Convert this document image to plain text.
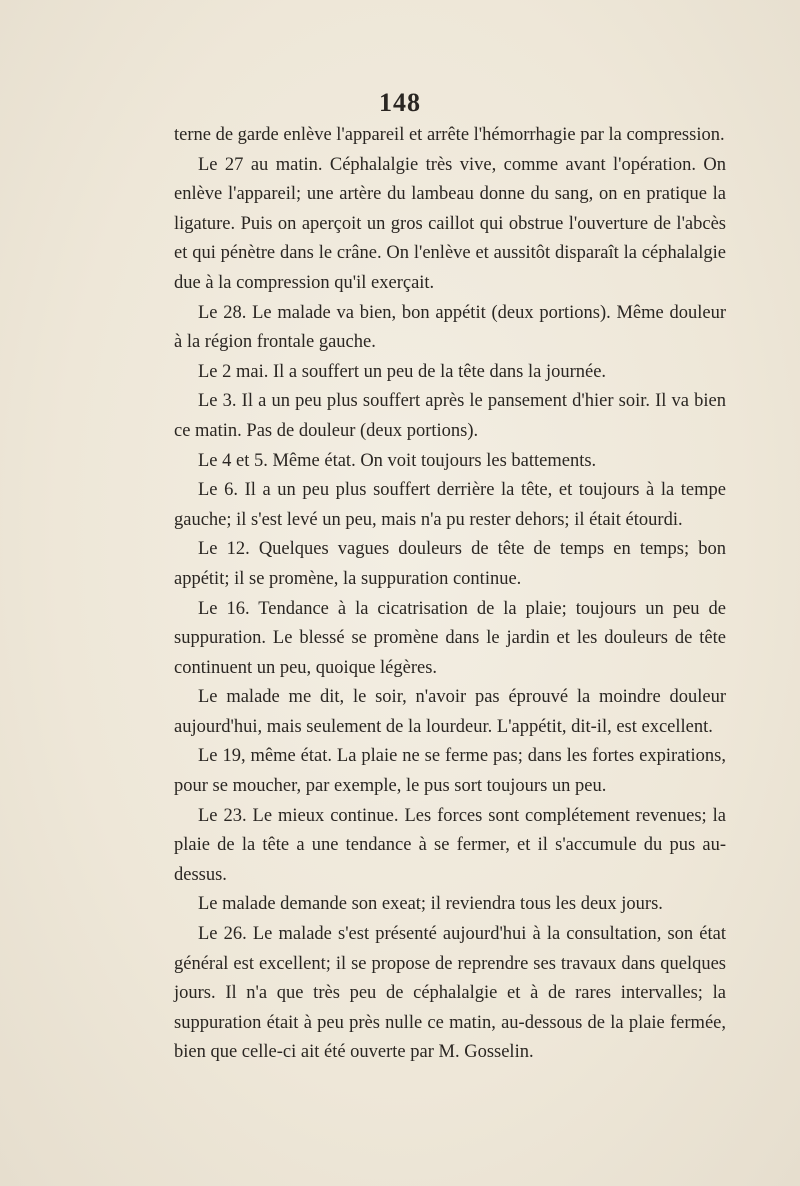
148

terne de garde enlève l'appareil et arrête l'hémorrhagie par la compression.

Le 27 au matin. Céphalalgie très vive, comme avant l'opération. On enlève l'appareil; une artère du lambeau donne du sang, on en pratique la ligature. Puis on aperçoit un gros caillot qui obstrue l'ouverture de l'abcès et qui pénètre dans le crâne. On l'enlève et aussitôt disparaît la céphalalgie due à la compression qu'il exerçait.

Le 28. Le malade va bien, bon appétit (deux portions). Même douleur à la région frontale gauche.

Le 2 mai. Il a souffert un peu de la tête dans la journée.

Le 3. Il a un peu plus souffert après le pansement d'hier soir. Il va bien ce matin. Pas de douleur (deux portions).

Le 4 et 5. Même état. On voit toujours les battements.

Le 6. Il a un peu plus souffert derrière la tête, et toujours à la tempe gauche; il s'est levé un peu, mais n'a pu rester dehors; il était étourdi.

Le 12. Quelques vagues douleurs de tête de temps en temps; bon appétit; il se promène, la suppuration continue.

Le 16. Tendance à la cicatrisation de la plaie; toujours un peu de suppuration. Le blessé se promène dans le jardin et les douleurs de tête continuent un peu, quoique légères.

Le malade me dit, le soir, n'avoir pas éprouvé la moindre douleur aujourd'hui, mais seulement de la lourdeur. L'appétit, dit-il, est excellent.

Le 19, même état. La plaie ne se ferme pas; dans les fortes expirations, pour se moucher, par exemple, le pus sort toujours un peu.

Le 23. Le mieux continue. Les forces sont complétement revenues; la plaie de la tête a une tendance à se fermer, et il s'accumule du pus au-dessus.

Le malade demande son exeat; il reviendra tous les deux jours.

Le 26. Le malade s'est présenté aujourd'hui à la consultation, son état général est excellent; il se propose de reprendre ses travaux dans quelques jours. Il n'a que très peu de céphalalgie et à de rares intervalles; la suppuration était à peu près nulle ce matin, au-dessous de la plaie fermée, bien que celle-ci ait été ouverte par M. Gosselin.
